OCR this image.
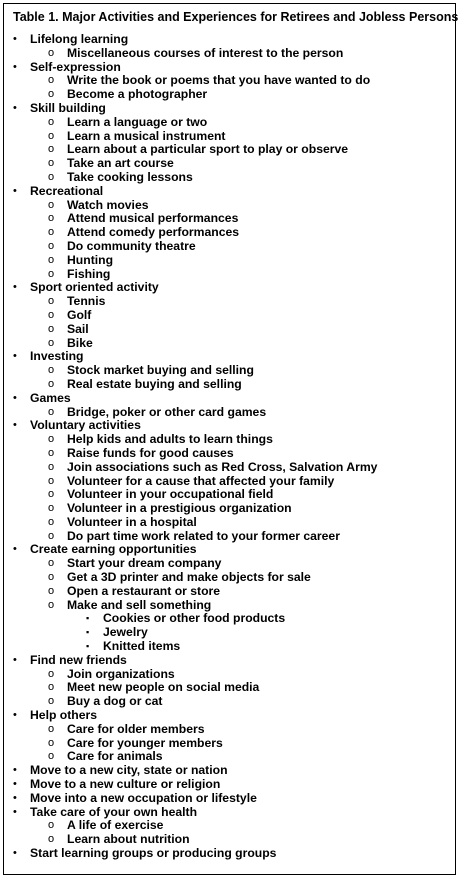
Table 1. Major Activities and Experiences for Retirees and Jobless Persons
• Lifelong learning
o Miscellaneous courses of interest to the person
• Self-expression
o Write the book or poems that you have wanted to do
o Become a photographer
• Skill building
o Learn a language or two
o Learn a musical instrument
o Learn about a particular sport to play or observe
o Take an art course
o Take cooking lessons
• Recreational
o Watch movies
o Attend musical performances
o Attend comedy performances
o Do community theatre
o Hunting
o Fishing
• Sport oriented activity
o Tennis
o Golf
o Sail
o Bike
• Investing
o Stock market buying and selling
o Real estate buying and selling
• Games
o Bridge, poker or other card games
• Voluntary activities
o Help kids and adults to learn things
o Raise funds for good causes
o Join associations such as Red Cross, Salvation Army
o Volunteer for a cause that affected your family
o Volunteer in your occupational field
o Volunteer in a prestigious organization
o Volunteer in a hospital
o Do part time work related to your former career
• Create earning opportunities
o Start your dream company
o Get a 3D printer and make objects for sale
o Open a restaurant or store
o Make and sell something
▪ Cookies or other food products
▪ Jewelry
▪ Knitted items
• Find new friends
o Join organizations
o Meet new people on social media
o Buy a dog or cat
• Help others
o Care for older members
o Care for younger members
o Care for animals
• Move to a new city, state or nation
• Move to a new culture or religion
• Move into a new occupation or lifestyle
• Take care of your own health
o A life of exercise
o Learn about nutrition
• Start learning groups or producing groups
